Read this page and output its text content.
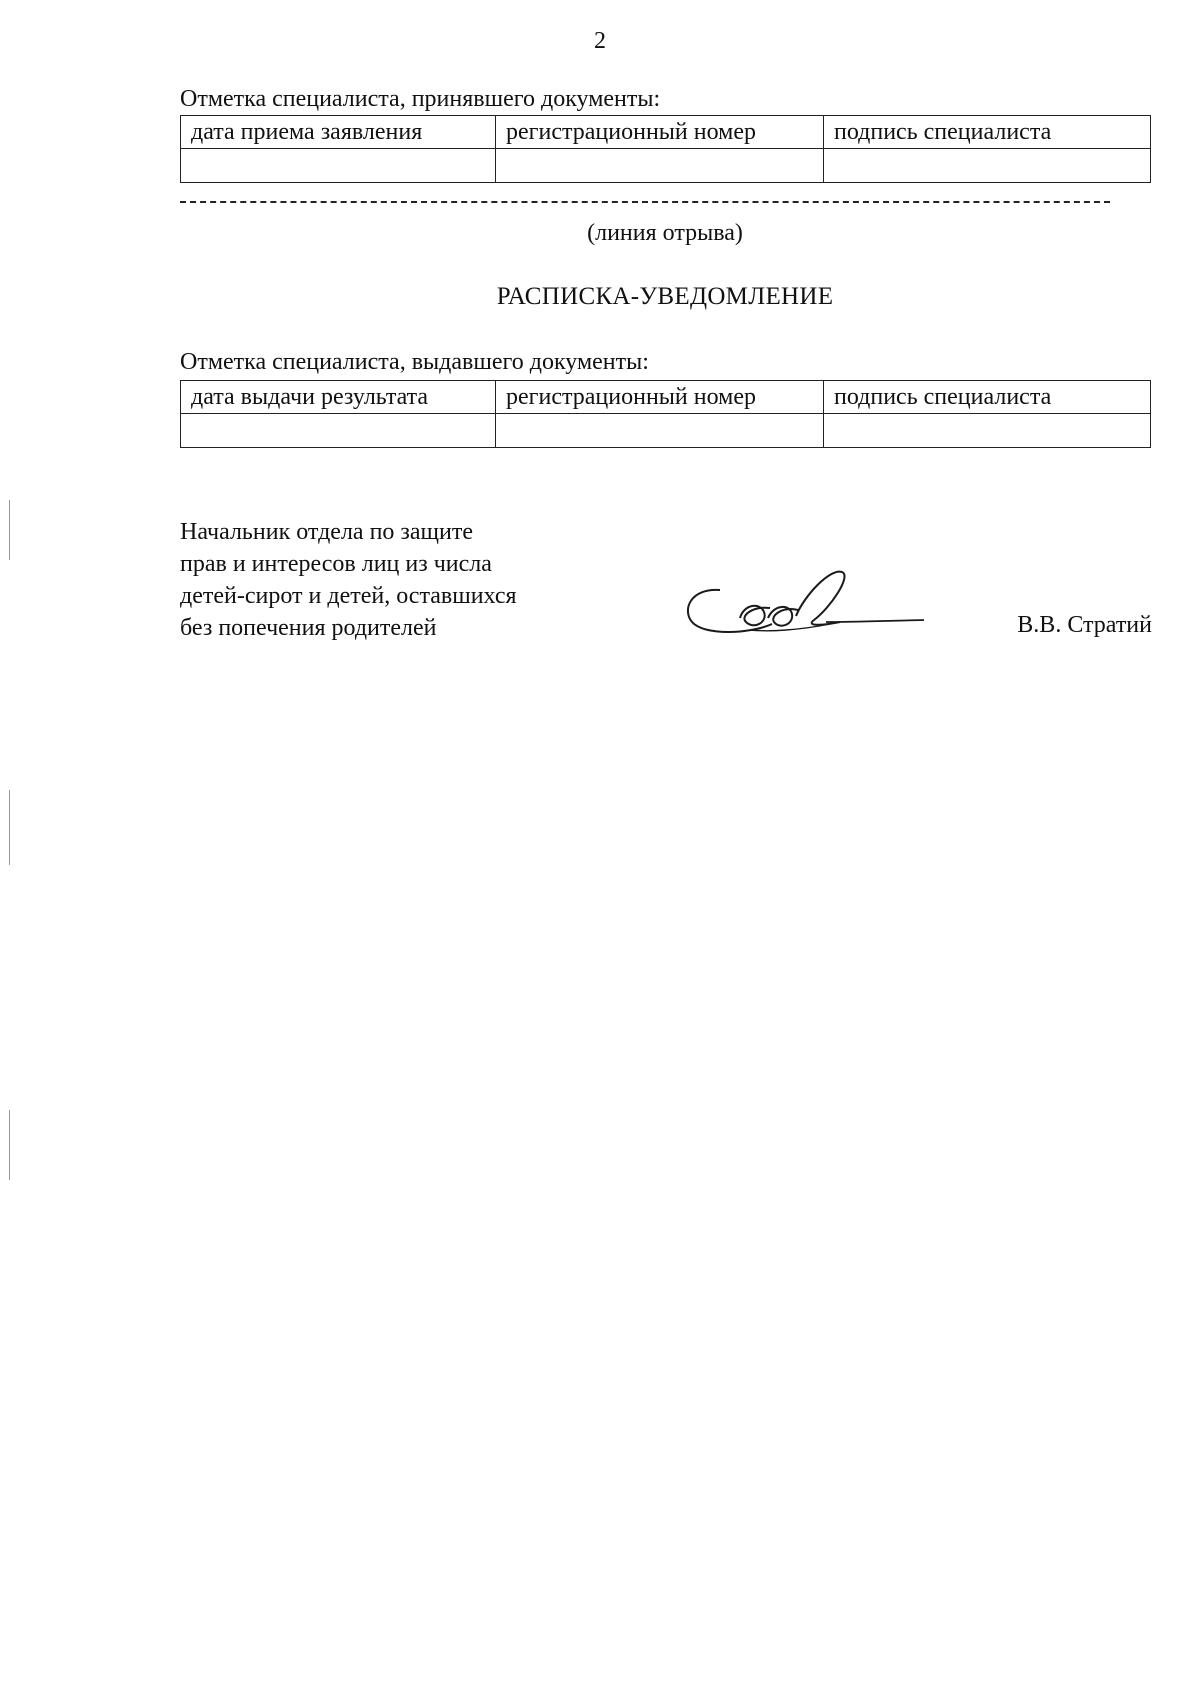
2
Отметка специалиста, принявшего документы:
дата приема заявления	регистрационный номер	подпись специалиста

(линия отрыва)
РАСПИСКА-УВЕДОМЛЕНИЕ
Отметка специалиста, выдавшего документы:
дата выдачи результата	регистрационный номер	подпись специалиста

Начальник отдела по защите
прав и интересов лиц из числа
детей-сирот и детей, оставшихся
без попечения родителей	В.В. Стратий
